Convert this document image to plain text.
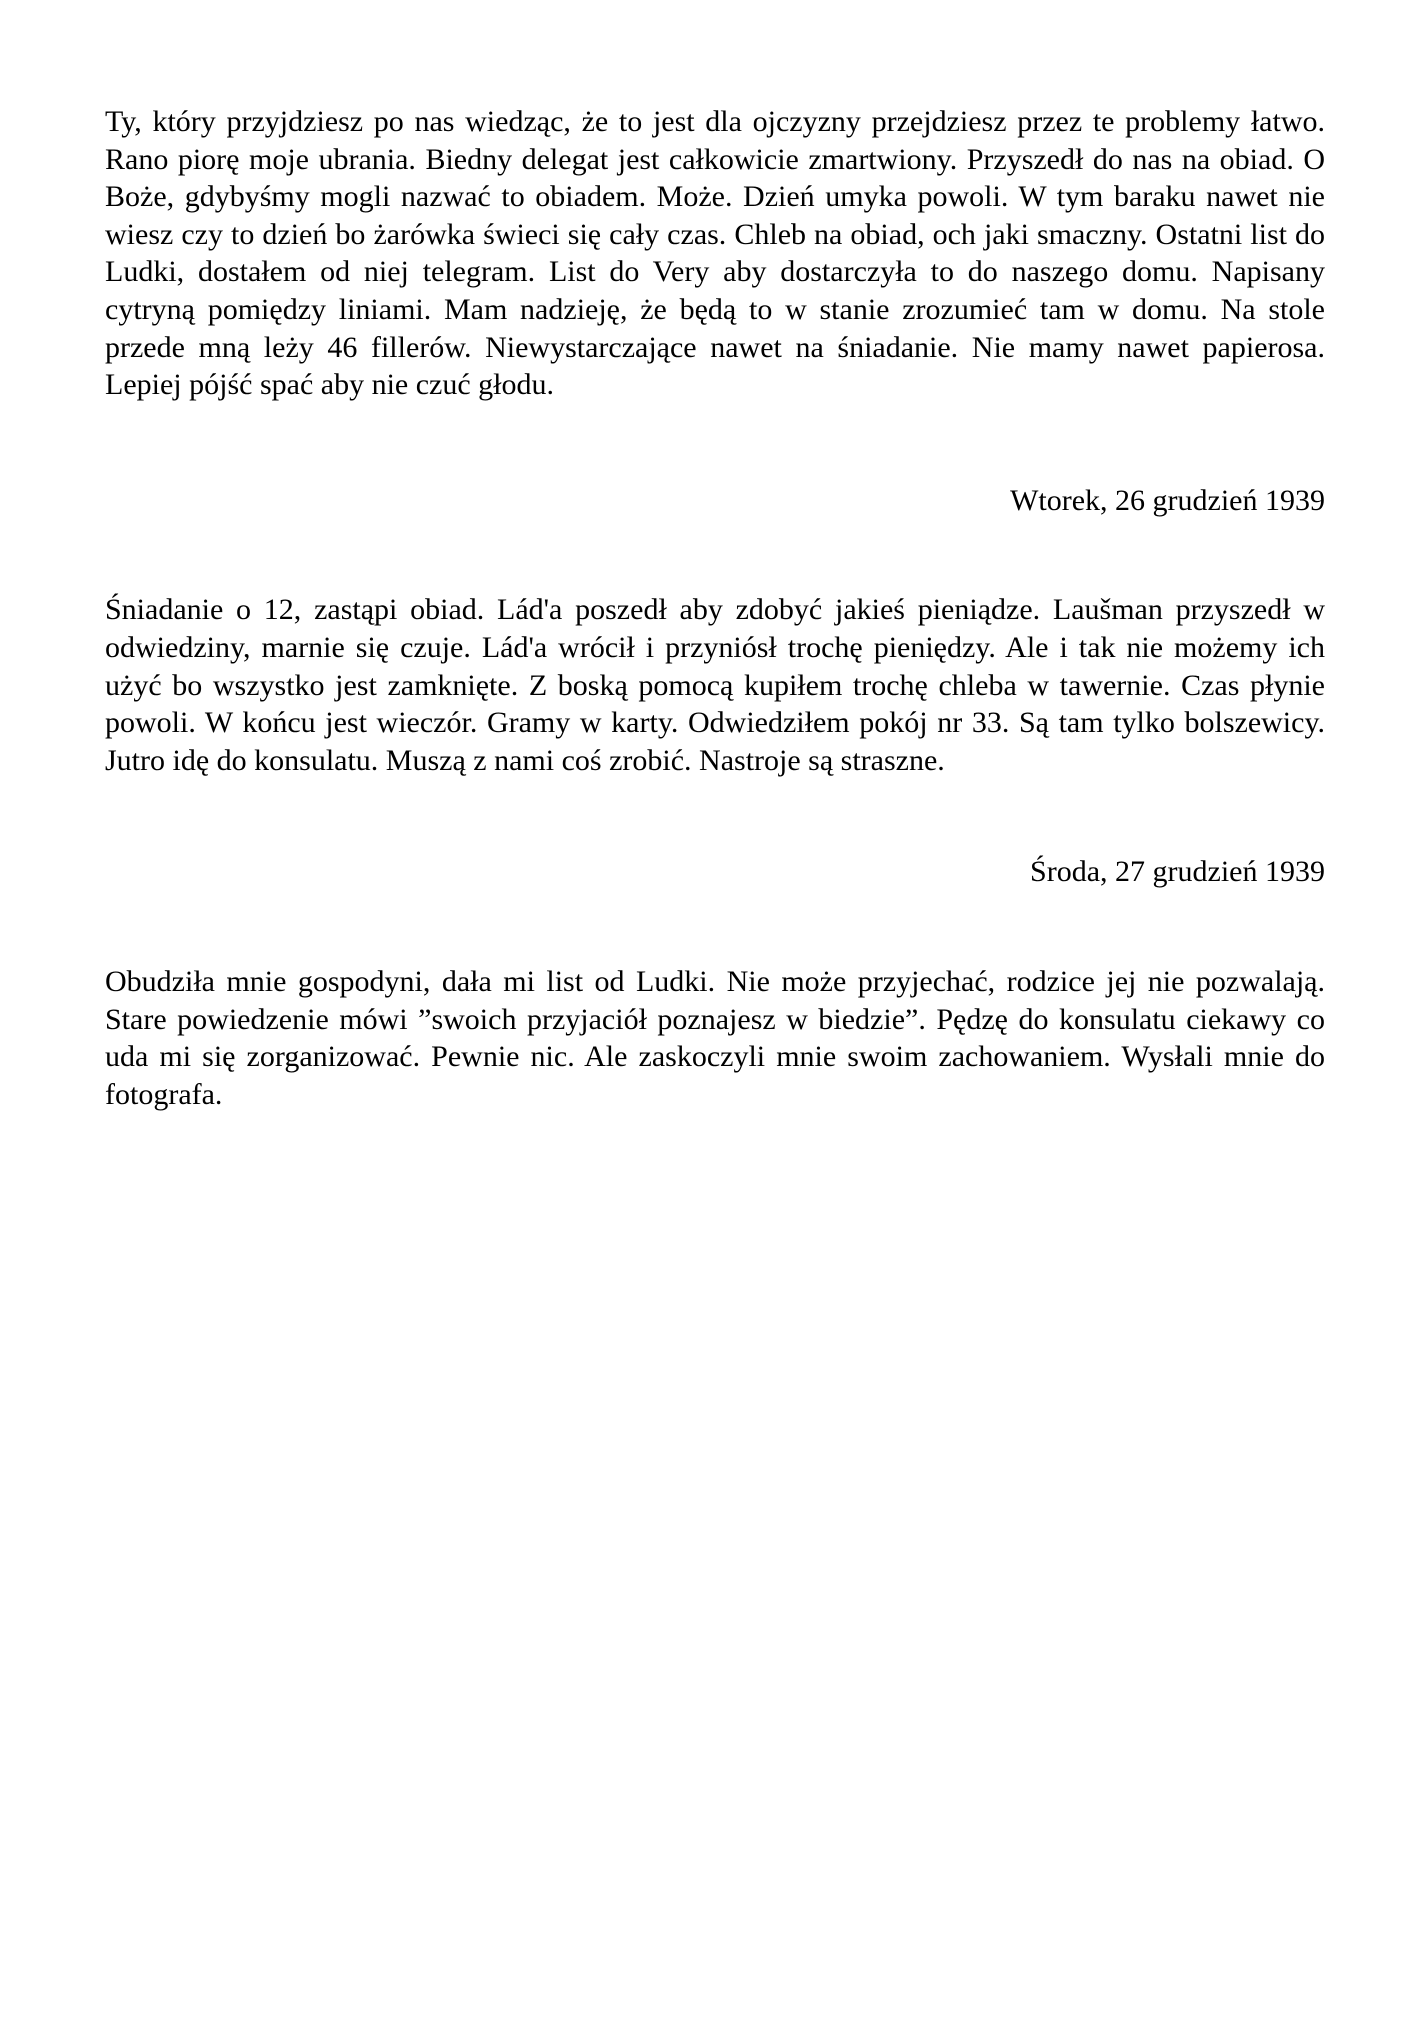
Ty, który przyjdziesz po nas wiedząc, że to jest dla ojczyzny przejdziesz przez te problemy łatwo. Rano piorę moje ubrania. Biedny delegat jest całkowicie zmartwiony. Przyszedł do nas na obiad. O Boże, gdybyśmy mogli nazwać to obiadem. Może. Dzień umyka powoli. W tym baraku nawet nie wiesz czy to dzień bo żarówka świeci się cały czas. Chleb na obiad, och jaki smaczny. Ostatni list do Ludki, dostałem od niej telegram. List do Very aby dostarczyła to do naszego domu. Napisany cytryną pomiędzy liniami. Mam nadzieję, że będą to w stanie zrozumieć tam w domu. Na stole przede mną leży 46 fillerów. Niewystarczające nawet na śniadanie. Nie mamy nawet papierosa. Lepiej pójść spać aby nie czuć głodu.

Wtorek, 26 grudzień 1939

Śniadanie o 12, zastąpi obiad. Lád'a poszedł aby zdobyć jakieś pieniądze. Laušman przyszedł w odwiedziny, marnie się czuje. Lád'a wrócił i przyniósł trochę pieniędzy. Ale i tak nie możemy ich użyć bo wszystko jest zamknięte. Z boską pomocą kupiłem trochę chleba w tawernie. Czas płynie powoli. W końcu jest wieczór. Gramy w karty. Odwiedziłem pokój nr 33. Są tam tylko bolszewicy. Jutro idę do konsulatu. Muszą z nami coś zrobić. Nastroje są straszne.

Środa, 27 grudzień 1939

Obudziła mnie gospodyni, dała mi list od Ludki. Nie może przyjechać, rodzice jej nie pozwalają. Stare powiedzenie mówi ”swoich przyjaciół poznajesz w biedzie”. Pędzę do konsulatu ciekawy co uda mi się zorganizować. Pewnie nic. Ale zaskoczyli mnie swoim zachowaniem. Wysłali mnie do fotografa.
